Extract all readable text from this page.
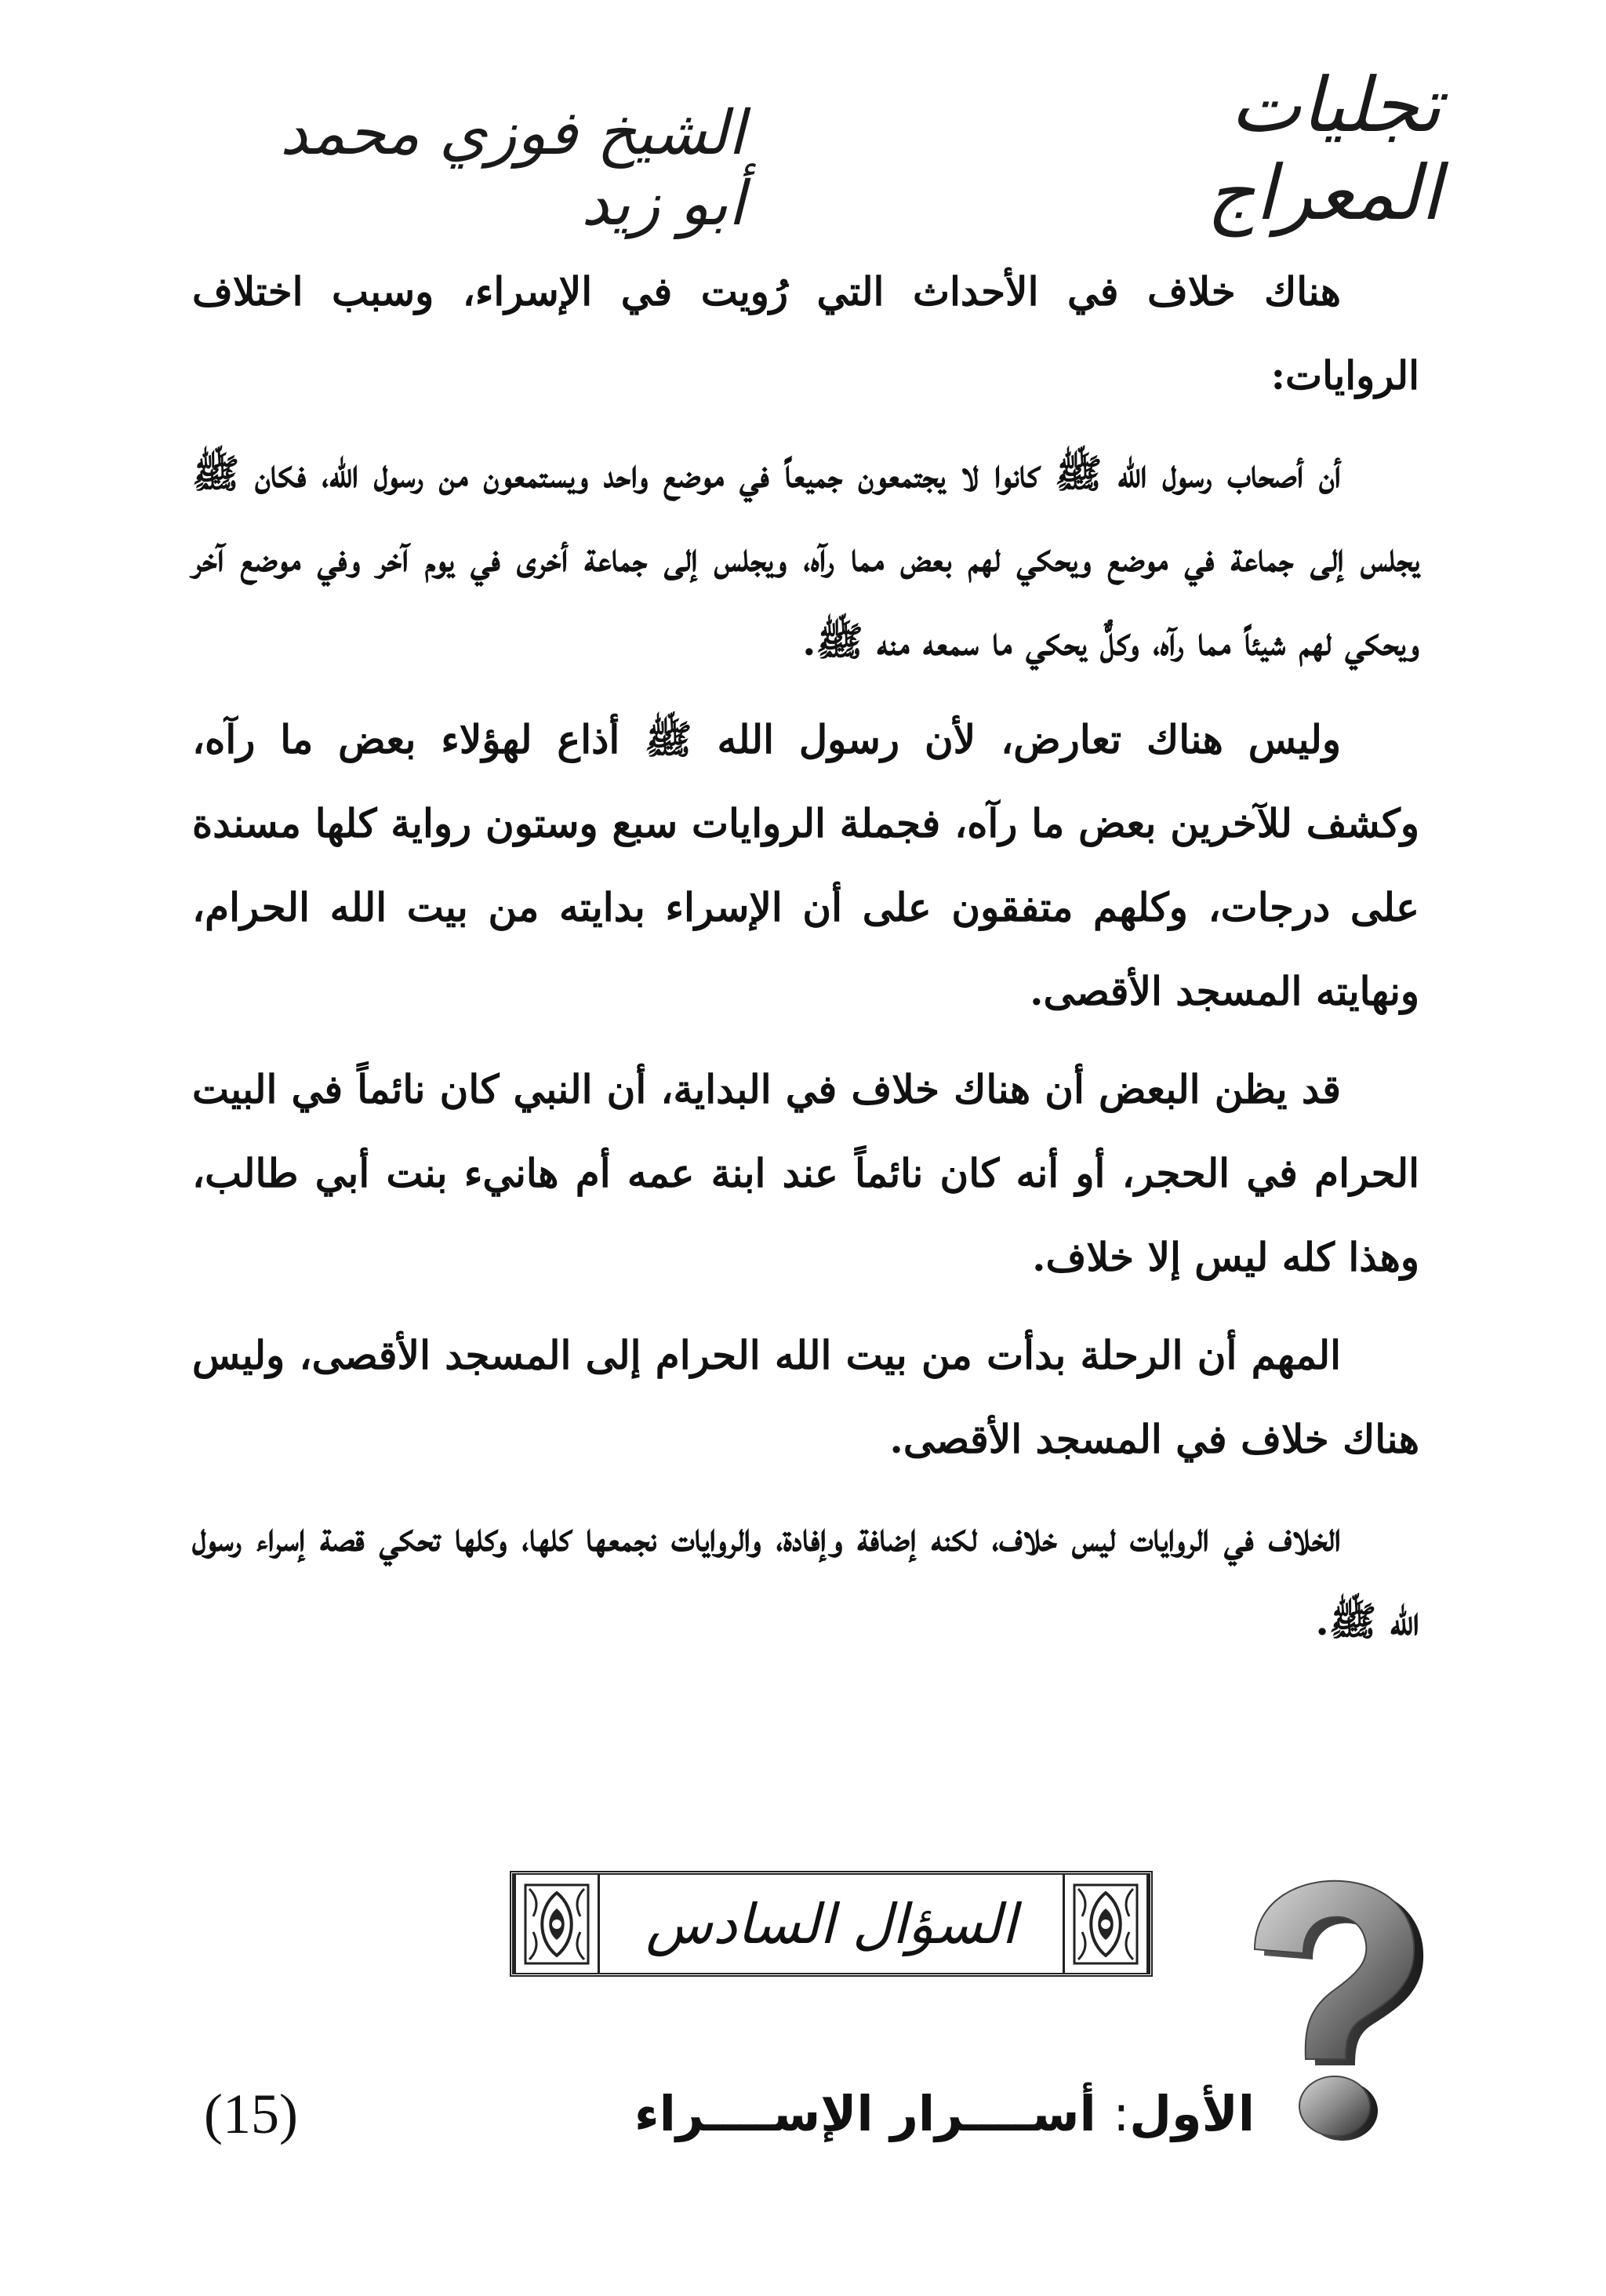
تجليات المعراج
الشيخ فوزي محمد أبو زيد

هناك خلاف في الأحداث التي رُويت في الإسراء، وسبب اختلاف الروايات:

أن أصحاب رسول الله ﷺ كانوا لا يجتمعون جميعاً في موضع واحد ويستمعون من رسول الله، فكان ﷺ يجلس إلى جماعة في موضع ويحكي لهم بعض مما رآه، ويجلس إلى جماعة أخرى في يوم آخر وفي موضع آخر ويحكي لهم شيئاً مما رآه، وكلٌّ يحكي ما سمعه منه ﷺ.

وليس هناك تعارض، لأن رسول الله ﷺ أذاع لهؤلاء بعض ما رآه، وكشف للآخرين بعض ما رآه، فجملة الروايات سبع وستون رواية كلها مسندة على درجات، وكلهم متفقون على أن الإسراء بدايته من بيت الله الحرام، ونهايته المسجد الأقصى.

قد يظن البعض أن هناك خلاف في البداية، أن النبي كان نائماً في البيت الحرام في الحجر، أو أنه كان نائماً عند ابنة عمه أم هانيء بنت أبي طالب، وهذا كله ليس إلا خلاف.

المهم أن الرحلة بدأت من بيت الله الحرام إلى المسجد الأقصى، وليس هناك خلاف في المسجد الأقصى.

الخلاف في الروايات ليس خلاف، لكنه إضافة وإفادة، والروايات نجمعها كلها، وكلها تحكي قصة إسراء رسول الله ﷺ.

السؤال السادس
الأول: أســــرار الإســــراء
(15)
